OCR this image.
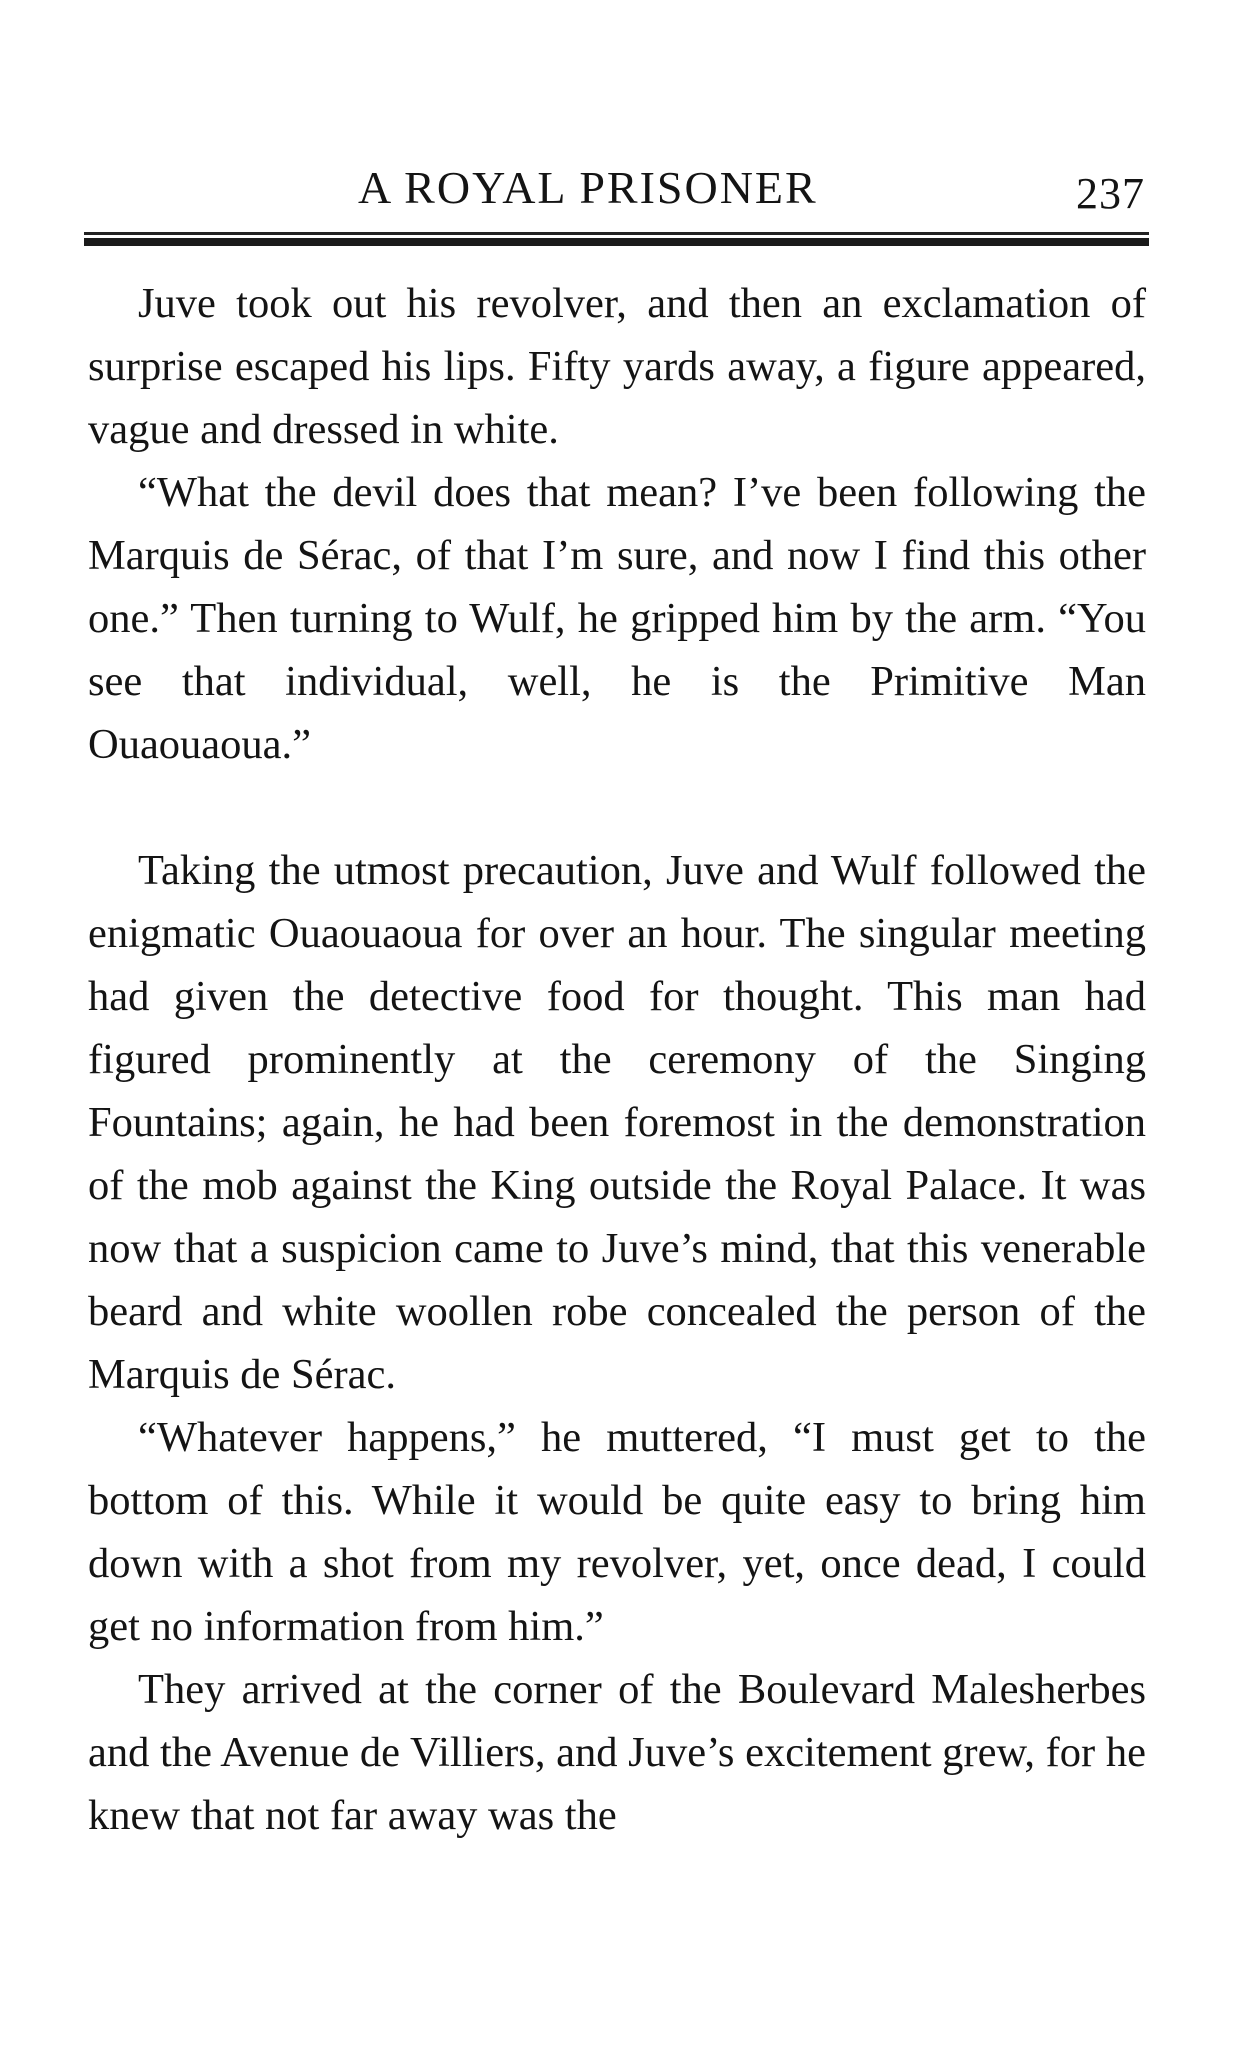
A ROYAL PRISONER	237

Juve took out his revolver, and then an exclamation of surprise escaped his lips. Fifty yards away, a figure appeared, vague and dressed in white.

“What the devil does that mean? I’ve been following the Marquis de Sérac, of that I’m sure, and now I find this other one.” Then turning to Wulf, he gripped him by the arm. “You see that individual, well, he is the Primitive Man Ouaouaoua.”

Taking the utmost precaution, Juve and Wulf followed the enigmatic Ouaouaoua for over an hour. The singular meeting had given the detective food for thought. This man had figured prominently at the ceremony of the Singing Fountains; again, he had been foremost in the demonstration of the mob against the King outside the Royal Palace. It was now that a suspicion came to Juve’s mind, that this venerable beard and white woollen robe concealed the person of the Marquis de Sérac.

“Whatever happens,” he muttered, “I must get to the bottom of this. While it would be quite easy to bring him down with a shot from my revolver, yet, once dead, I could get no information from him.”

They arrived at the corner of the Boulevard Malesherbes and the Avenue de Villiers, and Juve’s excitement grew, for he knew that not far away was the
